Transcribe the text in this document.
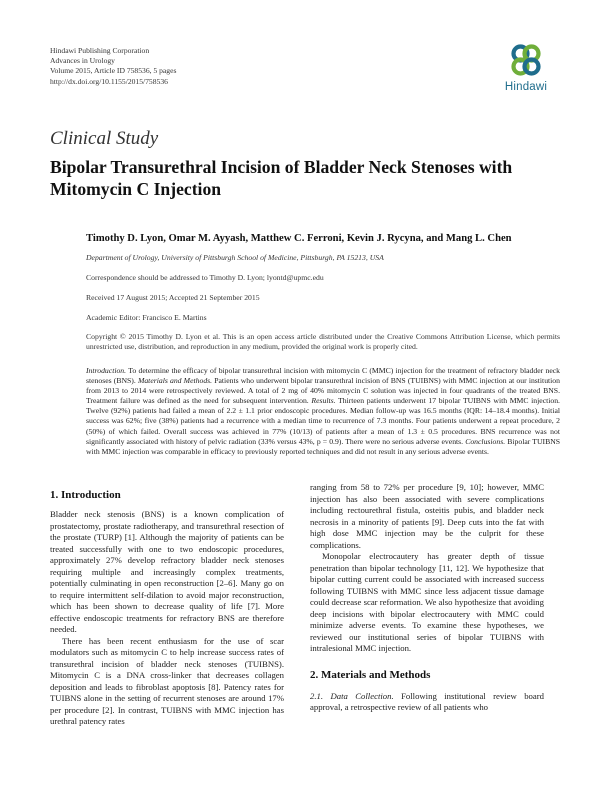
Hindawi Publishing Corporation
Advances in Urology
Volume 2015, Article ID 758536, 5 pages
http://dx.doi.org/10.1155/2015/758536	Hindawi
Clinical Study
Bipolar Transurethral Incision of Bladder Neck Stenoses with Mitomycin C Injection
Timothy D. Lyon, Omar M. Ayyash, Matthew C. Ferroni, Kevin J. Rycyna, and Mang L. Chen
Department of Urology, University of Pittsburgh School of Medicine, Pittsburgh, PA 15213, USA
Correspondence should be addressed to Timothy D. Lyon; lyontd@upmc.edu
Received 17 August 2015; Accepted 21 September 2015
Academic Editor: Francisco E. Martins
Copyright © 2015 Timothy D. Lyon et al. This is an open access article distributed under the Creative Commons Attribution License, which permits unrestricted use, distribution, and reproduction in any medium, provided the original work is properly cited.
Introduction. To determine the efficacy of bipolar transurethral incision with mitomycin C (MMC) injection for the treatment of refractory bladder neck stenoses (BNS). Materials and Methods. Patients who underwent bipolar transurethral incision of BNS (TUIBNS) with MMC injection at our institution from 2013 to 2014 were retrospectively reviewed. A total of 2 mg of 40% mitomycin C solution was injected in four quadrants of the treated BNS. Treatment failure was defined as the need for subsequent intervention. Results. Thirteen patients underwent 17 bipolar TUIBNS with MMC injection. Twelve (92%) patients had failed a mean of 2.2 ± 1.1 prior endoscopic procedures. Median follow-up was 16.5 months (IQR: 14–18.4 months). Initial success was 62%; five (38%) patients had a recurrence with a median time to recurrence of 7.3 months. Four patients underwent a repeat procedure, 2 (50%) of which failed. Overall success was achieved in 77% (10/13) of patients after a mean of 1.3 ± 0.5 procedures. BNS recurrence was not significantly associated with history of pelvic radiation (33% versus 43%, p = 0.9). There were no serious adverse events. Conclusions. Bipolar TUIBNS with MMC injection was comparable in efficacy to previously reported techniques and did not result in any serious adverse events.
1. Introduction

Bladder neck stenosis (BNS) is a known complication of prostatectomy, prostate radiotherapy, and transurethral resection of the prostate (TURP) [1]. Although the majority of patients can be treated successfully with one to two endoscopic procedures, approximately 27% develop refractory bladder neck stenoses requiring multiple and increasingly complex treatments, potentially culminating in open reconstruction [2–6]. Many go on to require intermittent self-dilation to avoid major reconstruction, which has been shown to decrease quality of life [7]. More effective endoscopic treatments for refractory BNS are therefore needed.

There has been recent enthusiasm for the use of scar modulators such as mitomycin C to help increase success rates of transurethral incision of bladder neck stenoses (TUIBNS). Mitomycin C is a DNA cross-linker that decreases collagen deposition and leads to fibroblast apoptosis [8]. Patency rates for TUIBNS alone in the setting of recurrent stenoses are around 17% per procedure [2]. In contrast, TUIBNS with MMC injection has urethral patency rates

ranging from 58 to 72% per procedure [9, 10]; however, MMC injection has also been associated with severe complications including rectourethral fistula, osteitis pubis, and bladder neck necrosis in a minority of patients [9]. Deep cuts into the fat with high dose MMC injection may be the culprit for these complications.

Monopolar electrocautery has greater depth of tissue penetration than bipolar technology [11, 12]. We hypothesize that bipolar cutting current could be associated with increased success following TUIBNS with MMC since less adjacent tissue damage could decrease scar reformation. We also hypothesize that avoiding deep incisions with bipolar electrocautery with MMC could minimize adverse events. To examine these hypotheses, we reviewed our institutional series of bipolar TUIBNS with intralesional MMC injection.

2. Materials and Methods

2.1. Data Collection. Following institutional review board approval, a retrospective review of all patients who
